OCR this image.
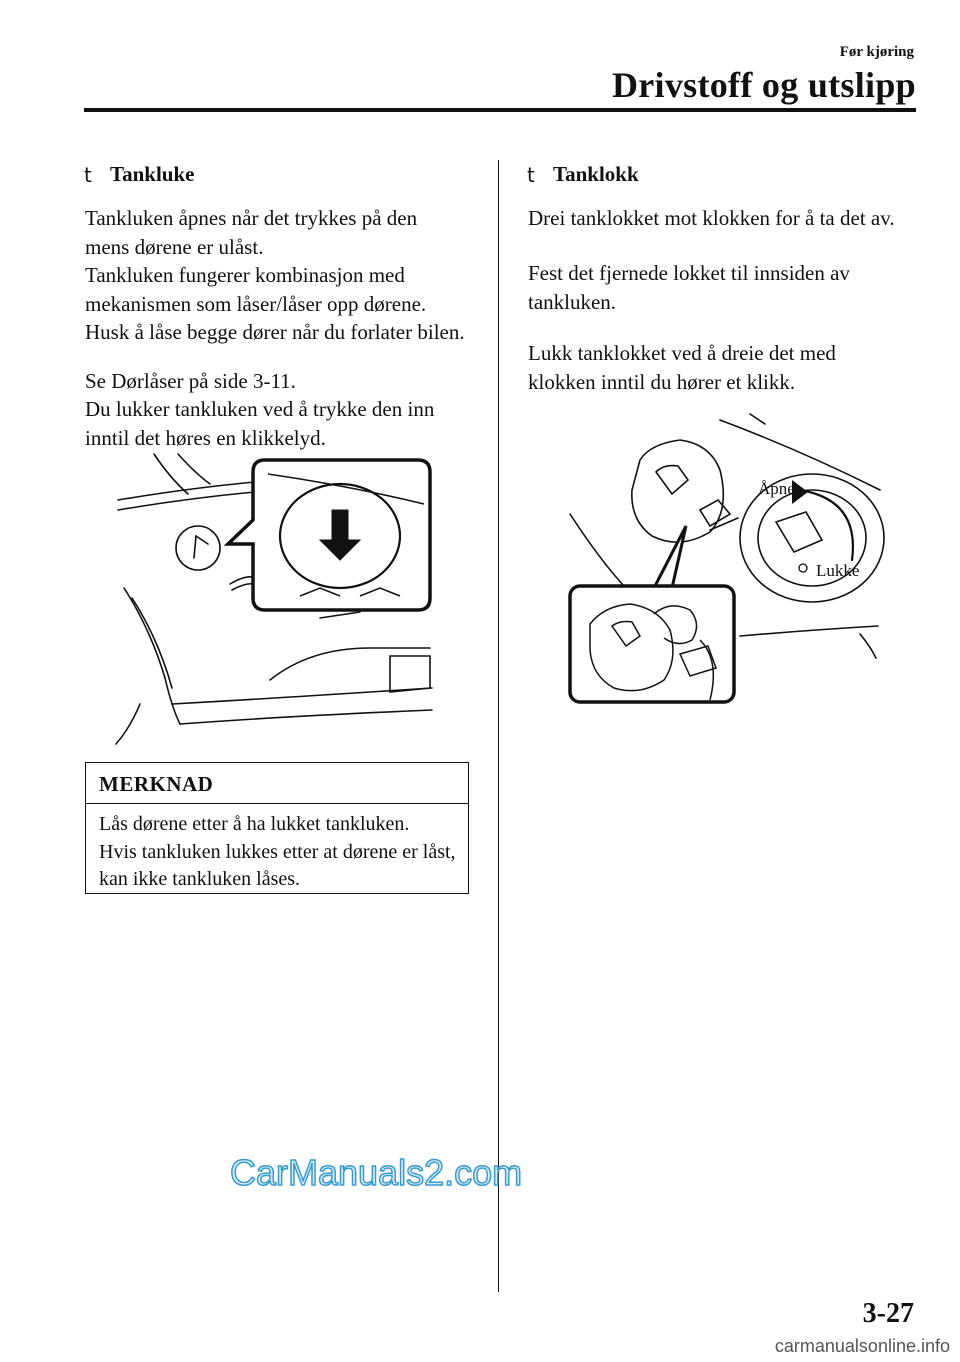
Før kjøring
Drivstoff og utslipp
t Tankluke

Tankluken åpnes når det trykkes på den mens dørene er ulåst.

Tankluken fungerer kombinasjon med mekanismen som låser/låser opp dørene.

Husk å låse begge dører når du forlater bilen.

Se Dørlåser på side 3-11.

Du lukker tankluken ved å trykke den inn inntil det høres en klikkelyd.

MERKNAD

Lås dørene etter å ha lukket tankluken.

Hvis tankluken lukkes etter at dørene er låst, kan ikke tankluken låses.

t Tanklokk

Drei tanklokket mot klokken for å ta det av.

Fest det fjernede lokket til innsiden av tankluken.

Lukk tanklokket ved å dreie det med klokken inntil du hører et klikk.

Åpne
Lukke
CarManuals2.com
3-27
carmanualsonline.info
